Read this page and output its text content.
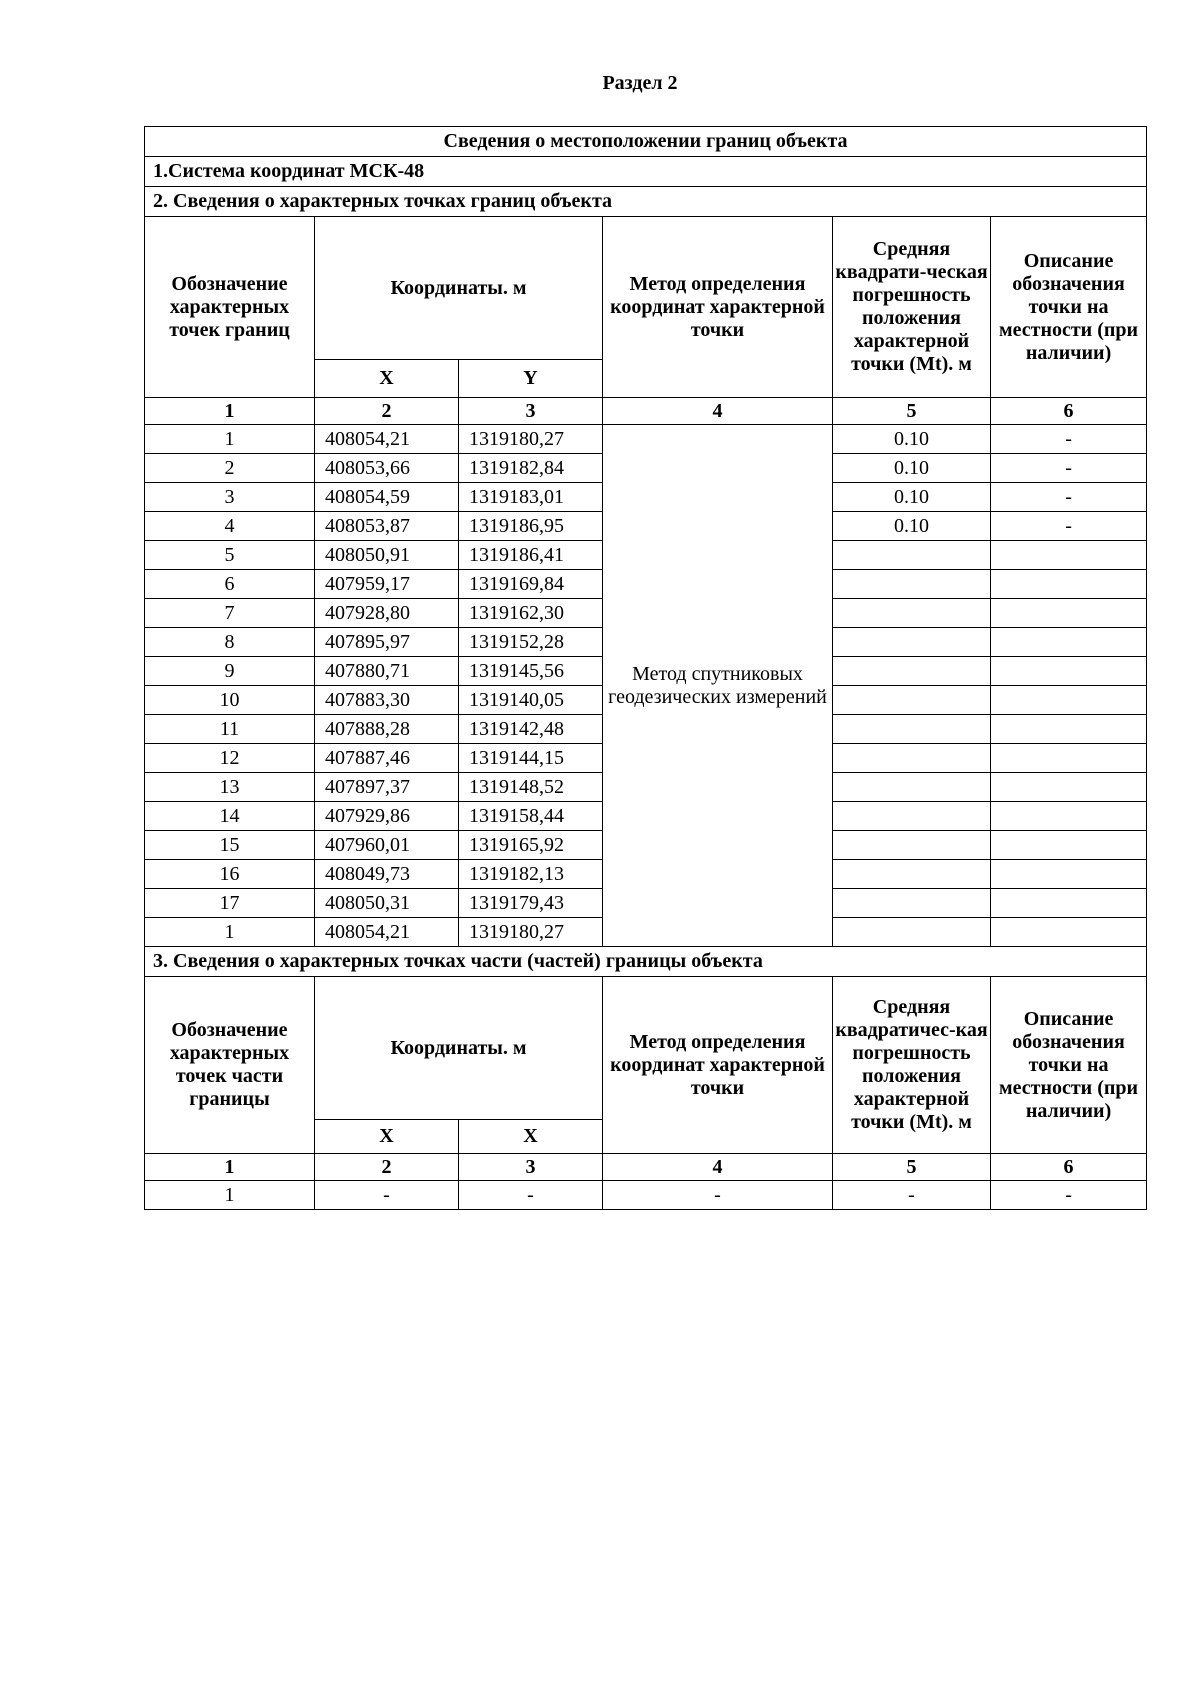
Раздел 2
Сведения о местоположении границ объекта					
1.Система координат МСК-48					
2. Сведения о характерных точках границ объекта					
Обозначение характерных точек границ	Координаты. м		Метод определения координат характерной точки	Средняя квадрати-ческая погрешность положения характерной точки (Mt). м	Описание обозначения точки на местности (при наличии)
	X	Y			
1	2	3	4	5	6
1	408054,21	1319180,27	Метод спутниковых геодезических измерений	0.10	-
2	408053,66	1319182,84		0.10	-
3	408054,59	1319183,01		0.10	-
4	408053,87	1319186,95		0.10	-
5	408050,91	1319186,41			
6	407959,17	1319169,84			
7	407928,80	1319162,30			
8	407895,97	1319152,28			
9	407880,71	1319145,56			
10	407883,30	1319140,05			
11	407888,28	1319142,48			
12	407887,46	1319144,15			
13	407897,37	1319148,52			
14	407929,86	1319158,44			
15	407960,01	1319165,92			
16	408049,73	1319182,13			
17	408050,31	1319179,43			
1	408054,21	1319180,27			
3. Сведения о характерных точках части (частей) границы объекта					
Обозначение характерных точек части границы	Координаты. м		Метод определения координат характерной точки	Средняя квадратичес-кая погрешность положения характерной точки (Mt). м	Описание обозначения точки на местности (при наличии)
	X	X			
1	2	3	4	5	6
1	-	-	-	-	-
